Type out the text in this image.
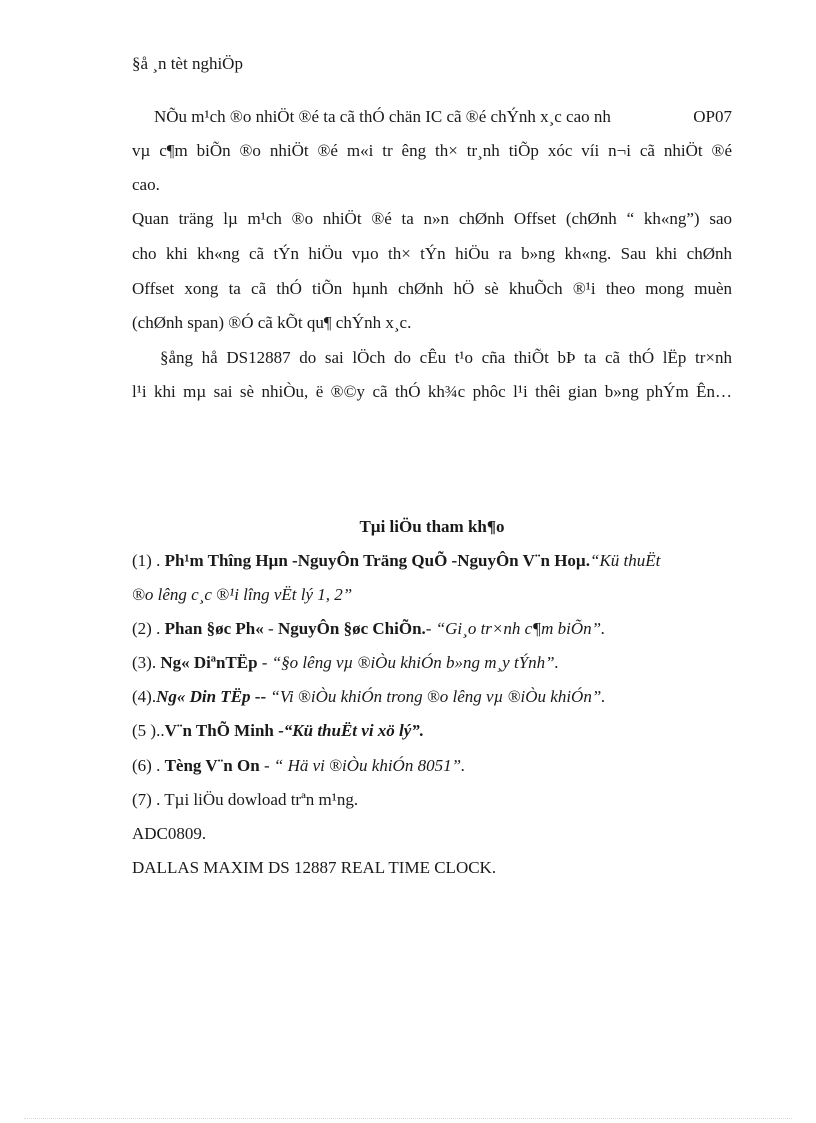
§å ¸n tèt nghiÖp
NÕu m¹ch ®o nhiÖt ®é ta cã thÓ chän IC cã ®é chÝnh x¸c cao nh	OP07
vµ c¶m biÕn ®o nhiÖt ®é m«i tr êng th× tr¸nh tiÕp xóc víi n¬i cã nhiÖt ®é
cao.
Quan träng lµ m¹ch ®o nhiÖt ®é ta n»n chØnh Offset (chØnh “ kh«ng”) sao
cho khi kh«ng cã tÝn hiÖu vµo th× tÝn hiÖu ra b»ng kh«ng. Sau khi chØnh
Offset xong ta cã thÓ tiÕn hµnh chØnh hÖ sè khuÕch ®¹i theo mong muèn
(chØnh span) ®Ó cã kÕt qu¶ chÝnh x¸c.
§ång hå DS12887 do sai lÖch do cÊu t¹o cña thiÕt bÞ ta cã thÓ lËp tr×nh
l¹i khi mµ sai sè nhiÒu, ë ®©y cã thÓ kh¾c phôc l¹i thêi gian b»ng phÝm Ên…
Tµi liÖu tham kh¶o
(1) . Ph¹m Thîng Hµn -NguyÔn Träng QuÕ -NguyÔn V¨n Hoµ.“Kü thuËt
®o lêng c¸c ®¹i lîng vËt lý 1, 2”
(2) . Phan §øc Ph« - NguyÔn §øc ChiÕn.- “Gi¸o tr×nh c¶m biÕn”.
(3). Ng« DiªnTËp - “§o lêng vµ ®iÒu khiÓn b»ng m¸y tÝnh”.
(4).Ng« Din TËp -- “Vi ®iÒu khiÓn trong ®o lêng vµ ®iÒu khiÓn”.
(5 )..V¨n ThÕ Minh -“Kü thuËt vi xö lý”.
(6) . Tèng V¨n On - “ Hä vi ®iÒu khiÓn 8051”.
(7) . Tµi liÖu dowload trªn m¹ng.
ADC0809.
DALLAS MAXIM DS 12887 REAL TIME CLOCK.
